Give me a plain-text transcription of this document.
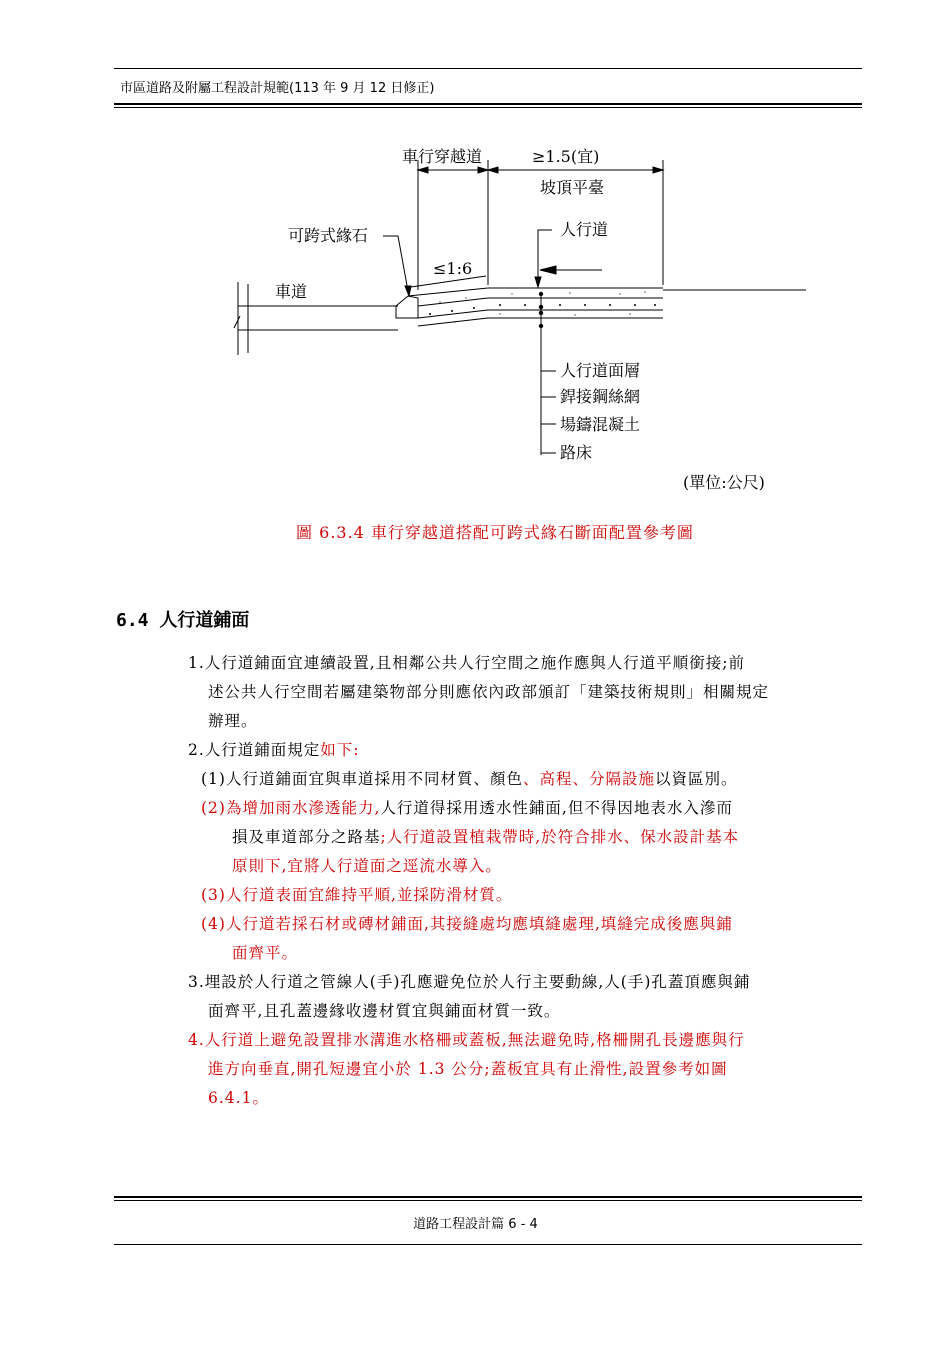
市區道路及附屬工程設計規範(113 年 9 月 12 日修正)
車行穿越道	≥1.5(宜)
坡頂平臺
可跨式緣石	人行道
≤1:6
車道
人行道面層
銲接鋼絲網
場鑄混凝土
路床
(單位:公尺)
圖 6.3.4 車行穿越道搭配可跨式緣石斷面配置參考圖
6.4 人行道鋪面
1.人行道鋪面宜連續設置,且相鄰公共人行空間之施作應與人行道平順銜接;前
述公共人行空間若屬建築物部分則應依內政部頒訂「建築技術規則」相關規定
辦理。
2.人行道鋪面規定如下:
(1)人行道鋪面宜與車道採用不同材質、顏色、高程、分隔設施以資區別。
(2)為增加雨水滲透能力,人行道得採用透水性鋪面,但不得因地表水入滲而
損及車道部分之路基;人行道設置植栽帶時,於符合排水、保水設計基本
原則下,宜將人行道面之逕流水導入。
(3)人行道表面宜維持平順,並採防滑材質。
(4)人行道若採石材或磚材鋪面,其接縫處均應填縫處理,填縫完成後應與鋪
面齊平。
3.埋設於人行道之管線人(手)孔應避免位於人行主要動線,人(手)孔蓋頂應與鋪
面齊平,且孔蓋邊緣收邊材質宜與鋪面材質一致。
4.人行道上避免設置排水溝進水格柵或蓋板,無法避免時,格柵開孔長邊應與行
進方向垂直,開孔短邊宜小於 1.3 公分;蓋板宜具有止滑性,設置參考如圖
6.4.1。
道路工程設計篇 6 - 4
